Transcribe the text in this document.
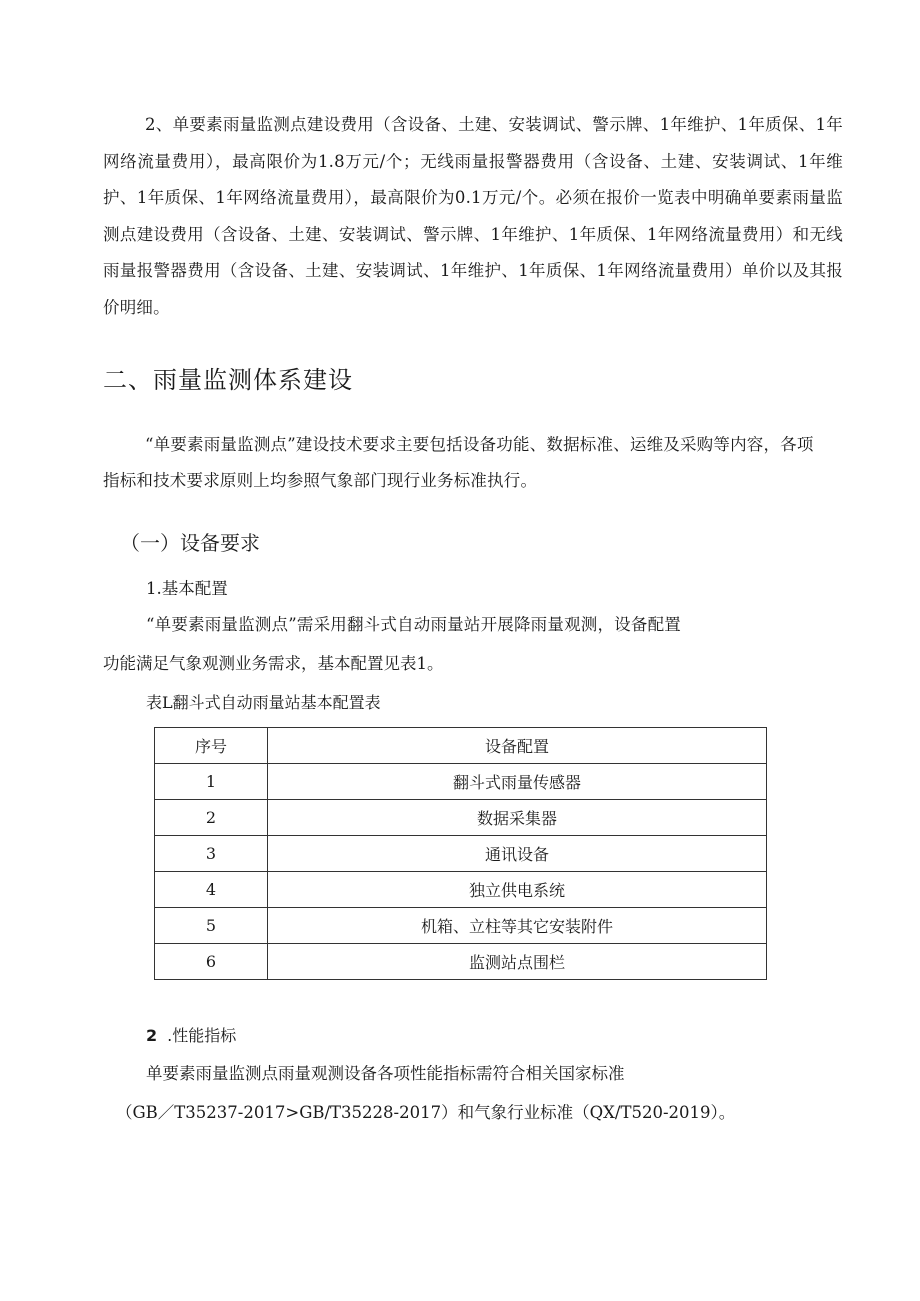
2、单要素雨量监测点建设费用（含设备、土建、安装调试、警示牌、1年维护、1年质保、1年网络流量费用），最高限价为1.8万元/个；无线雨量报警器费用（含设备、土建、安装调试、1年维护、1年质保、1年网络流量费用），最高限价为0.1万元/个。必须在报价一览表中明确单要素雨量监测点建设费用（含设备、土建、安装调试、警示牌、1年维护、1年质保、1年网络流量费用）和无线雨量报警器费用（含设备、土建、安装调试、1年维护、1年质保、1年网络流量费用）单价以及其报价明细。

二、雨量监测体系建设

“单要素雨量监测点”建设技术要求主要包括设备功能、数据标准、运维及采购等内容，各项指标和技术要求原则上均参照气象部门现行业务标准执行。

（一）设备要求
1.基本配置

“单要素雨量监测点”需采用翻斗式自动雨量站开展降雨量观测，设备配置

功能满足气象观测业务需求，基本配置见表1。

表L翻斗式自动雨量站基本配置表

序号	设备配置
1	翻斗式雨量传感器
2	数据采集器
3	通讯设备
4	独立供电系统
5	机箱、立柱等其它安装附件
6	监测站点围栏
2 .性能指标

单要素雨量监测点雨量观测设备各项性能指标需符合相关国家标准

（GB／T35237-2017>GB/T35228-2017）和气象行业标准（QX/T520-2019）。
